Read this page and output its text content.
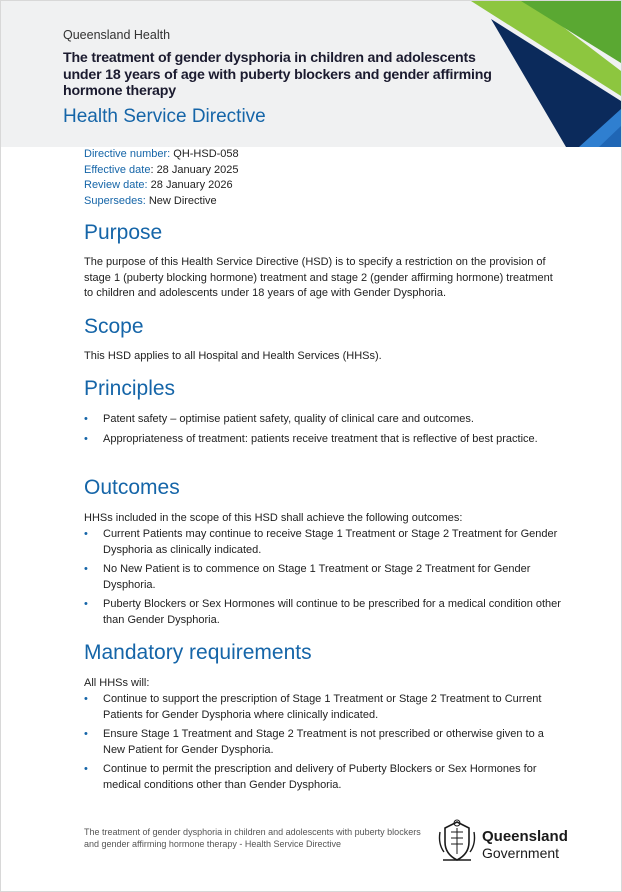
Queensland Health
The treatment of gender dysphoria in children and adolescents under 18 years of age with puberty blockers and gender affirming hormone therapy
Health Service Directive
Directive number: QH-HSD-058
Effective date: 28 January 2025
Review date: 28 January 2026
Supersedes: New Directive
Purpose

The purpose of this Health Service Directive (HSD) is to specify a restriction on the provision of stage 1 (puberty blocking hormone) treatment and stage 2 (gender affirming hormone) treatment to children and adolescents under 18 years of age with Gender Dysphoria.

Scope

This HSD applies to all Hospital and Health Services (HHSs).

Principles
• Patent safety – optimise patient safety, quality of clinical care and outcomes.
• Appropriateness of treatment: patients receive treatment that is reflective of best practice.
Outcomes

HHSs included in the scope of this HSD shall achieve the following outcomes:

• Current Patients may continue to receive Stage 1 Treatment or Stage 2 Treatment for Gender Dysphoria as clinically indicated.
• No New Patient is to commence on Stage 1 Treatment or Stage 2 Treatment for Gender Dysphoria.
• Puberty Blockers or Sex Hormones will continue to be prescribed for a medical condition other than Gender Dysphoria.
Mandatory requirements

All HHSs will:

• Continue to support the prescription of Stage 1 Treatment or Stage 2 Treatment to Current Patients for Gender Dysphoria where clinically indicated.
• Ensure Stage 1 Treatment and Stage 2 Treatment is not prescribed or otherwise given to a New Patient for Gender Dysphoria.
• Continue to permit the prescription and delivery of Puberty Blockers or Sex Hormones for medical conditions other than Gender Dysphoria.
The treatment of gender dysphoria in children and adolescents with puberty blockers and gender affirming hormone therapy - Health Service Directive	Queensland
Government
